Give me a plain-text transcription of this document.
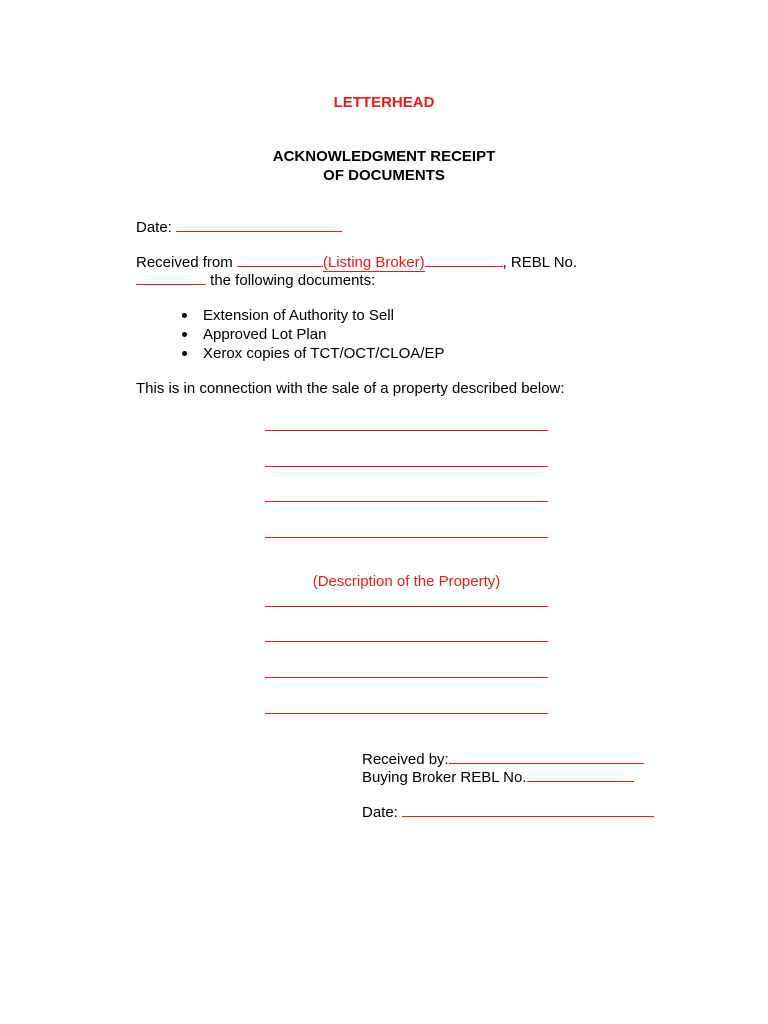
LETTERHEAD
ACKNOWLEDGMENT RECEIPT
OF DOCUMENTS
Date:
Received from	(Listing Broker)	, REBL No.
the following documents:
Extension of Authority to Sell
Approved Lot Plan
Xerox copies of TCT/OCT/CLOA/EP
This is in connection with the sale of a property described below:
(Description of the Property)
Received by:
Buying Broker REBL No.
Date:
